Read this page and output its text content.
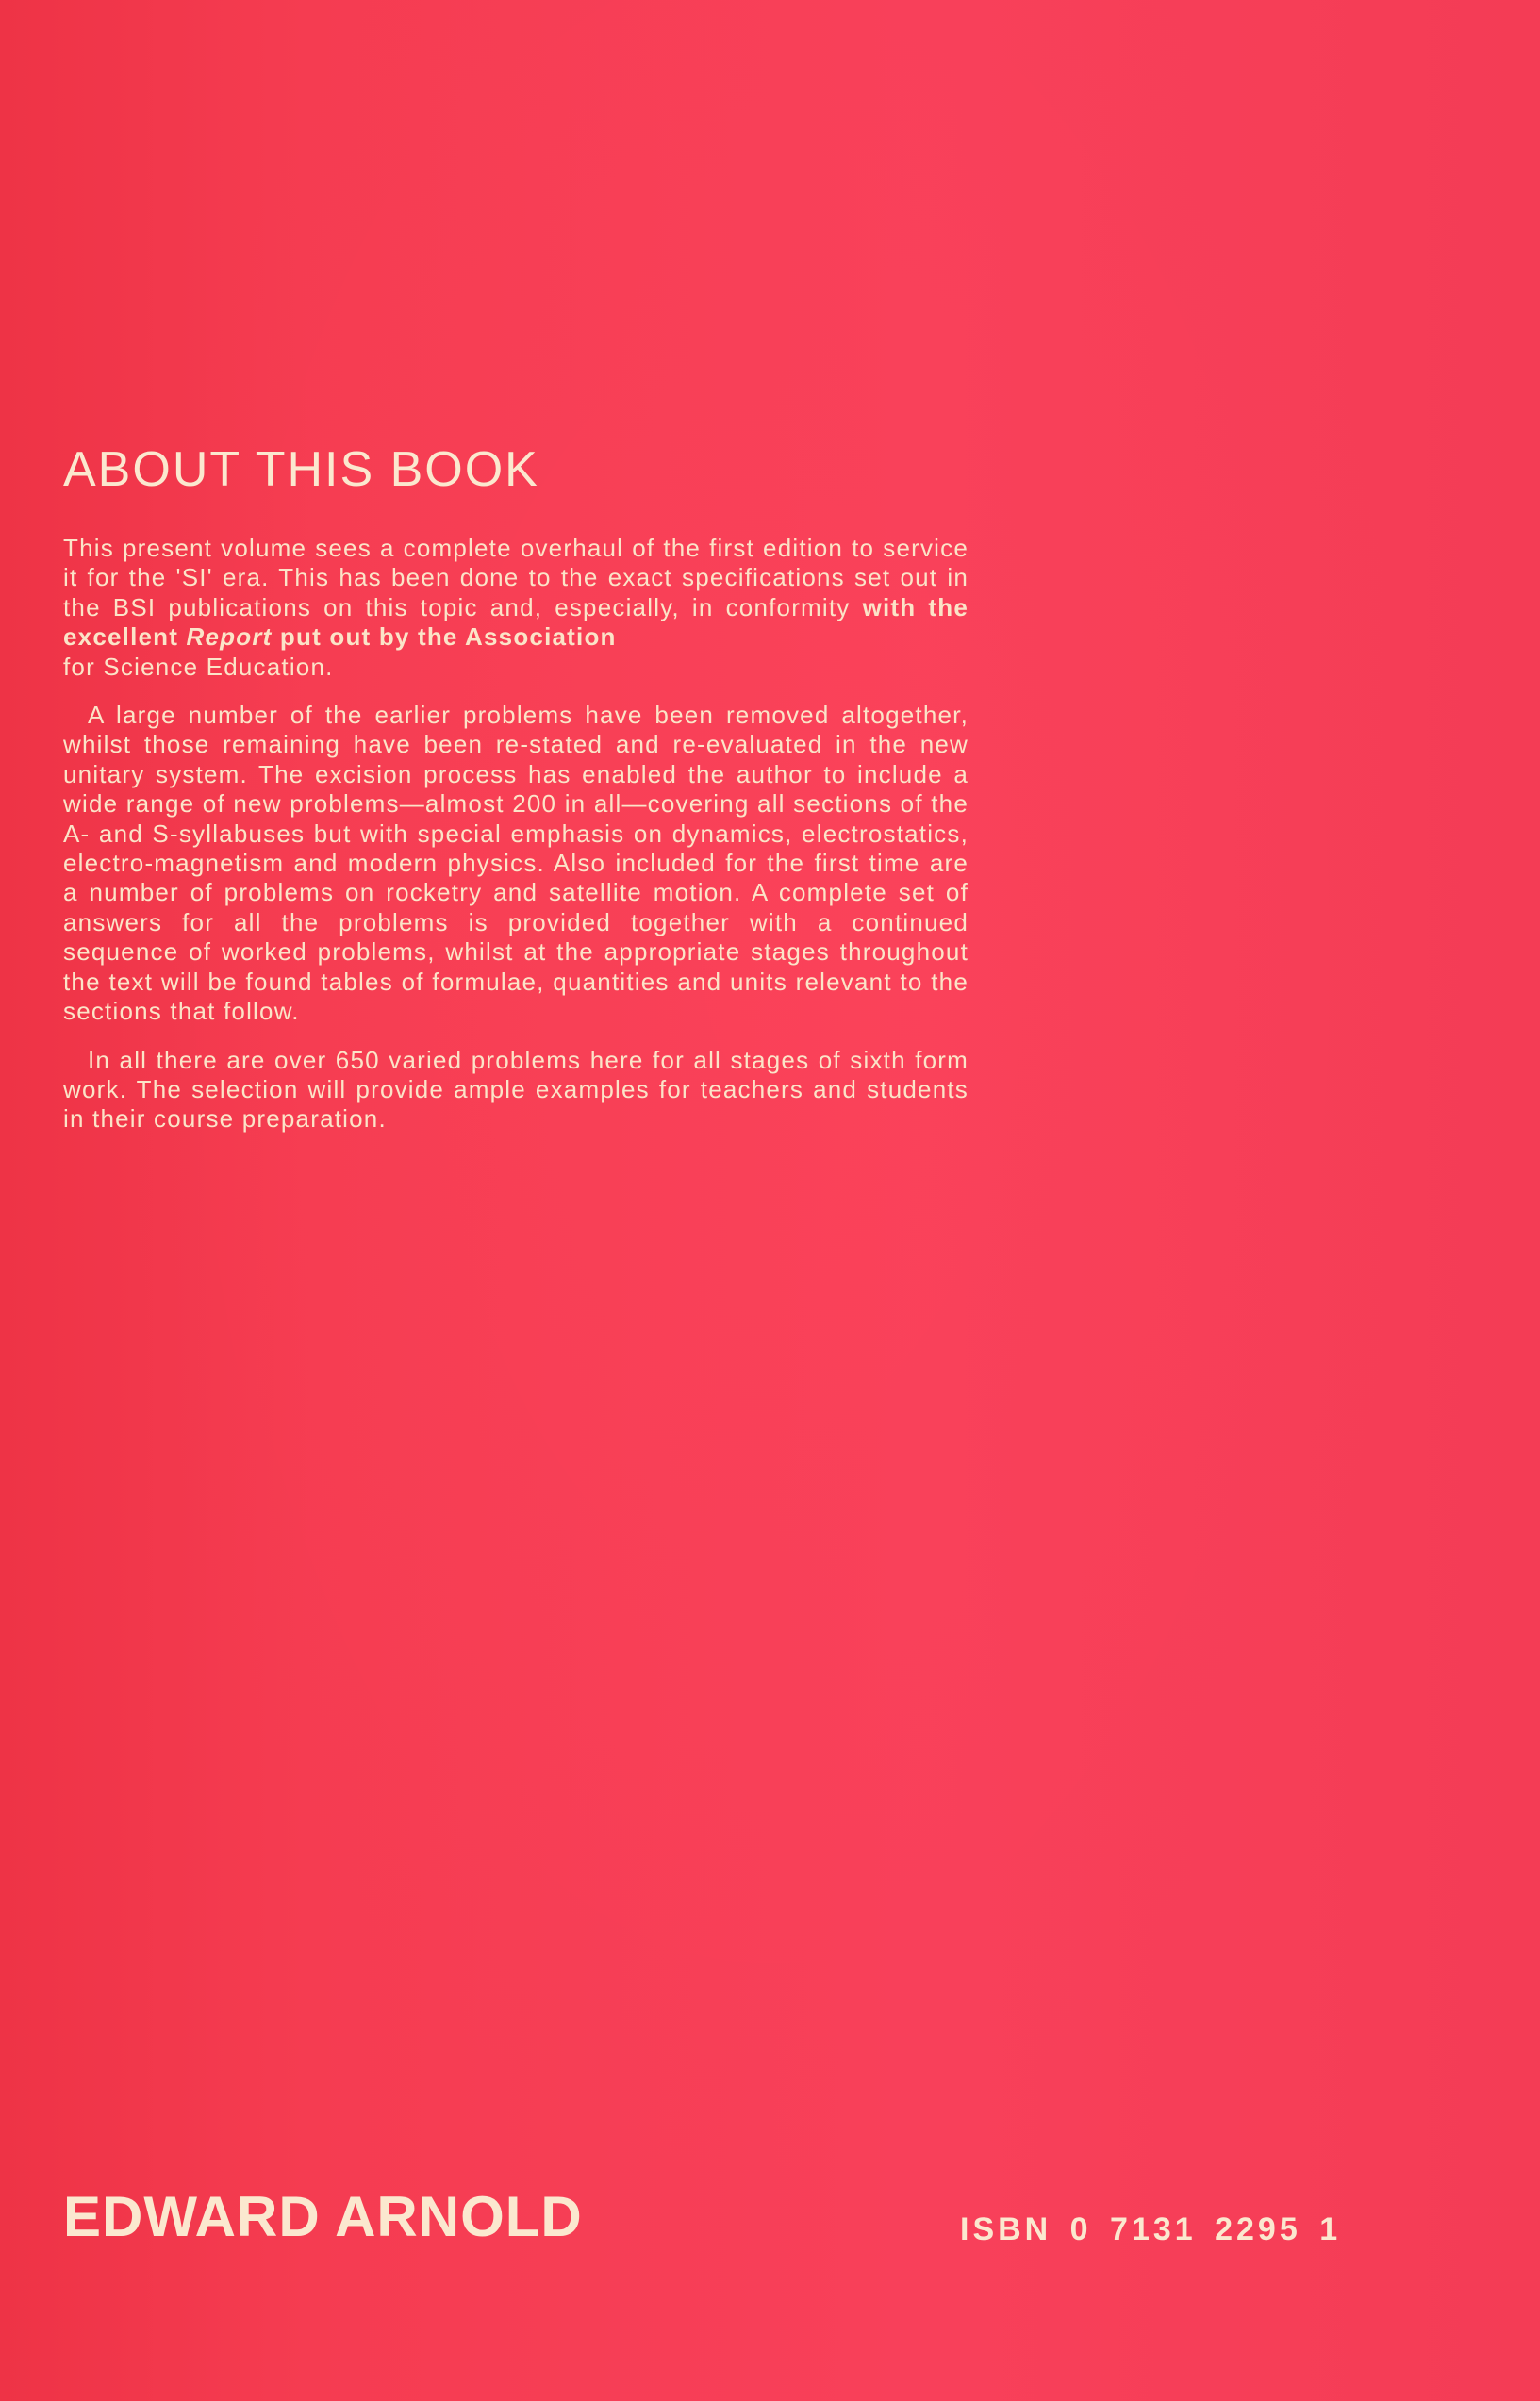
ABOUT THIS BOOK

This present volume sees a complete overhaul of the first edition to service it for the 'SI' era. This has been done to the exact specifications set out in the BSI publications on this topic and, especially, in conformity with the excellent Report put out by the Association
for Science Education.

A large number of the earlier problems have been removed altogether, whilst those remaining have been re-stated and re-evaluated in the new unitary system. The excision process has enabled the author to include a wide range of new problems—almost 200 in all—covering all sections of the A- and S-syllabuses but with special emphasis on dynamics, electrostatics, electro-magnetism and modern physics. Also included for the first time are a number of problems on rocketry and satellite motion. A complete set of answers for all the problems is provided together with a continued sequence of worked problems, whilst at the appropriate stages throughout the text will be found tables of formulae, quantities and units relevant to the sections that follow.

In all there are over 650 varied problems here for all stages of sixth form work. The selection will provide ample examples for teachers and students in their course preparation.

EDWARD ARNOLD	ISBN 0 7131 2295 1
